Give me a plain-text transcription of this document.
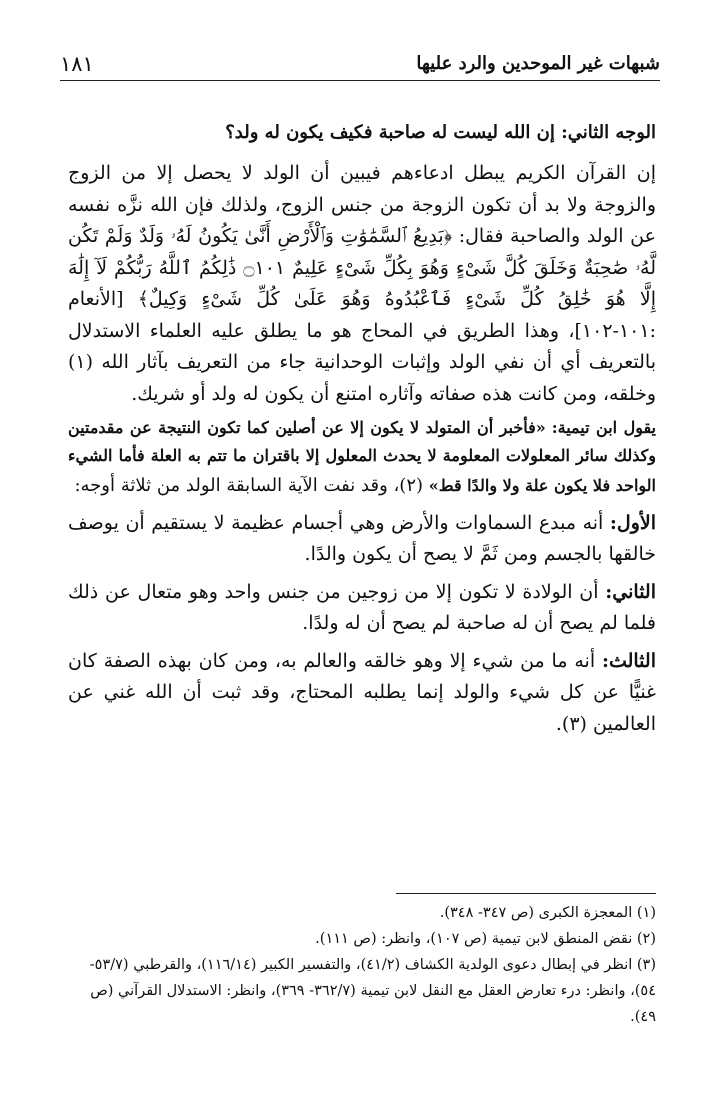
شبهات غير الموحدين والرد عليها
١٨١

الوجه الثاني: إن الله ليست له صاحبة فكيف يكون له ولد؟

إن القرآن الكريم يبطل ادعاءهم فيبين أن الولد لا يحصل إلا من الزوج والزوجة ولا بد أن تكون الزوجة من جنس الزوج، ولذلك فإن الله نزَّه نفسه عن الولد والصاحبة فقال: ﴿بَدِيعُ ٱلسَّمَٰوَٰتِ وَٱلْأَرْضِ أَنَّىٰ يَكُونُ لَهُۥ وَلَدٌ وَلَمْ تَكُن لَّهُۥ صَٰحِبَةٌ وَخَلَقَ كُلَّ شَىْءٍ وَهُوَ بِكُلِّ شَىْءٍ عَلِيمٌ ۝١٠١ ذَٰلِكُمُ ٱللَّهُ رَبُّكُمْ لَآ إِلَٰهَ إِلَّا هُوَ خَٰلِقُ كُلِّ شَىْءٍ فَٱعْبُدُوهُ وَهُوَ عَلَىٰ كُلِّ شَىْءٍ وَكِيلٌ﴾ [الأنعام :١٠١-١٠٢]، وهذا الطريق في المحاج هو ما يطلق عليه العلماء الاستدلال بالتعريف أي أن نفي الولد وإثبات الوحدانية جاء من التعريف بآثار الله (١) وخلقه، ومن كانت هذه صفاته وآثاره امتنع أن يكون له ولد أو شريك.

يقول ابن تيمية: «فأخبر أن المتولد لا يكون إلا عن أصلين كما تكون النتيجة عن مقدمتين وكذلك سائر المعلولات المعلومة لا يحدث المعلول إلا باقتران ما تتم به العلة فأما الشيء الواحد فلا يكون علة ولا والدًا قط» (٢)، وقد نفت الآية السابقة الولد من ثلاثة أوجه:

الأول: أنه مبدع السماوات والأرض وهي أجسام عظيمة لا يستقيم أن يوصف خالقها بالجسم ومن ثَمَّ لا يصح أن يكون والدًا.

الثاني: أن الولادة لا تكون إلا من زوجين من جنس واحد وهو متعال عن ذلك فلما لم يصح أن له صاحبة لم يصح أن له ولدًا.

الثالث: أنه ما من شيء إلا وهو خالقه والعالم به، ومن كان بهذه الصفة كان غنيًّا عن كل شيء والولد إنما يطلبه المحتاج، وقد ثبت أن الله غني عن العالمين (٣).

(١) المعجزة الكبرى (ص ٣٤٧- ٣٤٨).

(٢) نقض المنطق لابن تيمية (ص ١٠٧)، وانظر: (ص ١١١).

(٣) انظر في إبطال دعوى الولدية الكشاف (٤١/٢)، والتفسير الكبير (١١٦/١٤)، والقرطبي (٥٣/٧- ٥٤)، وانظر: درء تعارض العقل مع النقل لابن تيمية (٣٦٢/٧- ٣٦٩)، وانظر: الاستدلال القرآني (ص ٤٩).
